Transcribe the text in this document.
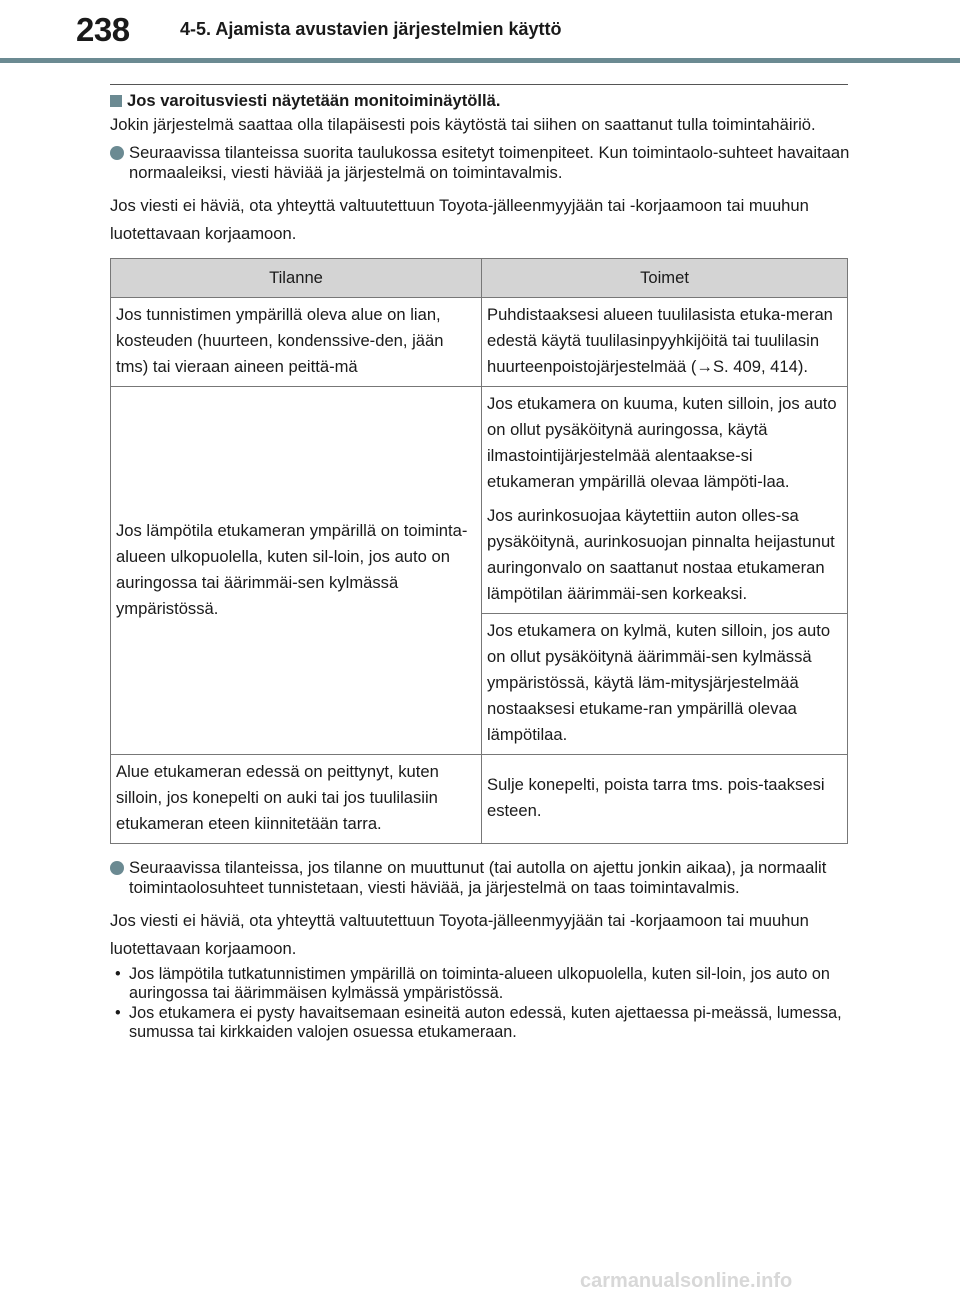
238	4-5. Ajamista avustavien järjestelmien käyttö

Jos varoitusviesti näytetään monitoiminäytöllä.

Jokin järjestelmä saattaa olla tilapäisesti pois käytöstä tai siihen on saattanut tulla toimintahäiriö.

Seuraavissa tilanteissa suorita taulukossa esitetyt toimenpiteet. Kun toimintaolo-suhteet havaitaan normaaleiksi, viesti häviää ja järjestelmä on toimintavalmis.

Jos viesti ei häviä, ota yhteyttä valtuutettuun Toyota-jälleenmyyjään tai -korjaamoon tai muuhun luotettavaan korjaamoon.

Tilanne	Toimet
Jos tunnistimen ympärillä oleva alue on lian, kosteuden (huurteen, kondenssive-den, jään tms) tai vieraan aineen peittä-mä	Puhdistaaksesi alueen tuulilasista etuka-meran edestä käytä tuulilasinpyyhkijöitä tai tuulilasin huurteenpoistojärjestelmää (→S. 409, 414).
Jos lämpötila etukameran ympärillä on toiminta-alueen ulkopuolella, kuten sil-loin, jos auto on auringossa tai äärimmäi-sen kylmässä ympäristössä.	Jos etukamera on kuuma, kuten silloin, jos auto on ollut pysäköitynä auringossa, käytä ilmastointijärjestelmää alentaakse-si etukameran ympärillä olevaa lämpöti-laa.
Jos aurinkosuojaa käytettiin auton olles-sa pysäköitynä, aurinkosuojan pinnalta heijastunut auringonvalo on saattanut nostaa etukameran lämpötilan äärimmäi-sen korkeaksi.

	Jos etukamera on kylmä, kuten silloin, jos auto on ollut pysäköitynä äärimmäi-sen kylmässä ympäristössä, käytä läm-mitysjärjestelmää nostaaksesi etukame-ran ympärillä olevaa lämpötilaa.
Alue etukameran edessä on peittynyt, kuten silloin, jos konepelti on auki tai jos tuulilasiin etukameran eteen kiinnitetään tarra.	Sulje konepelti, poista tarra tms. pois-taaksesi esteen.
Seuraavissa tilanteissa, jos tilanne on muuttunut (tai autolla on ajettu jonkin aikaa), ja normaalit toimintaolosuhteet tunnistetaan, viesti häviää, ja järjestelmä on taas toimintavalmis.

Jos viesti ei häviä, ota yhteyttä valtuutettuun Toyota-jälleenmyyjään tai -korjaamoon tai muuhun luotettavaan korjaamoon.

• Jos lämpötila tutkatunnistimen ympärillä on toiminta-alueen ulkopuolella, kuten sil-loin, jos auto on auringossa tai äärimmäisen kylmässä ympäristössä.
• Jos etukamera ei pysty havaitsemaan esineitä auton edessä, kuten ajettaessa pi-meässä, lumessa, sumussa tai kirkkaiden valojen osuessa etukameraan.
carmanualsonline.info
